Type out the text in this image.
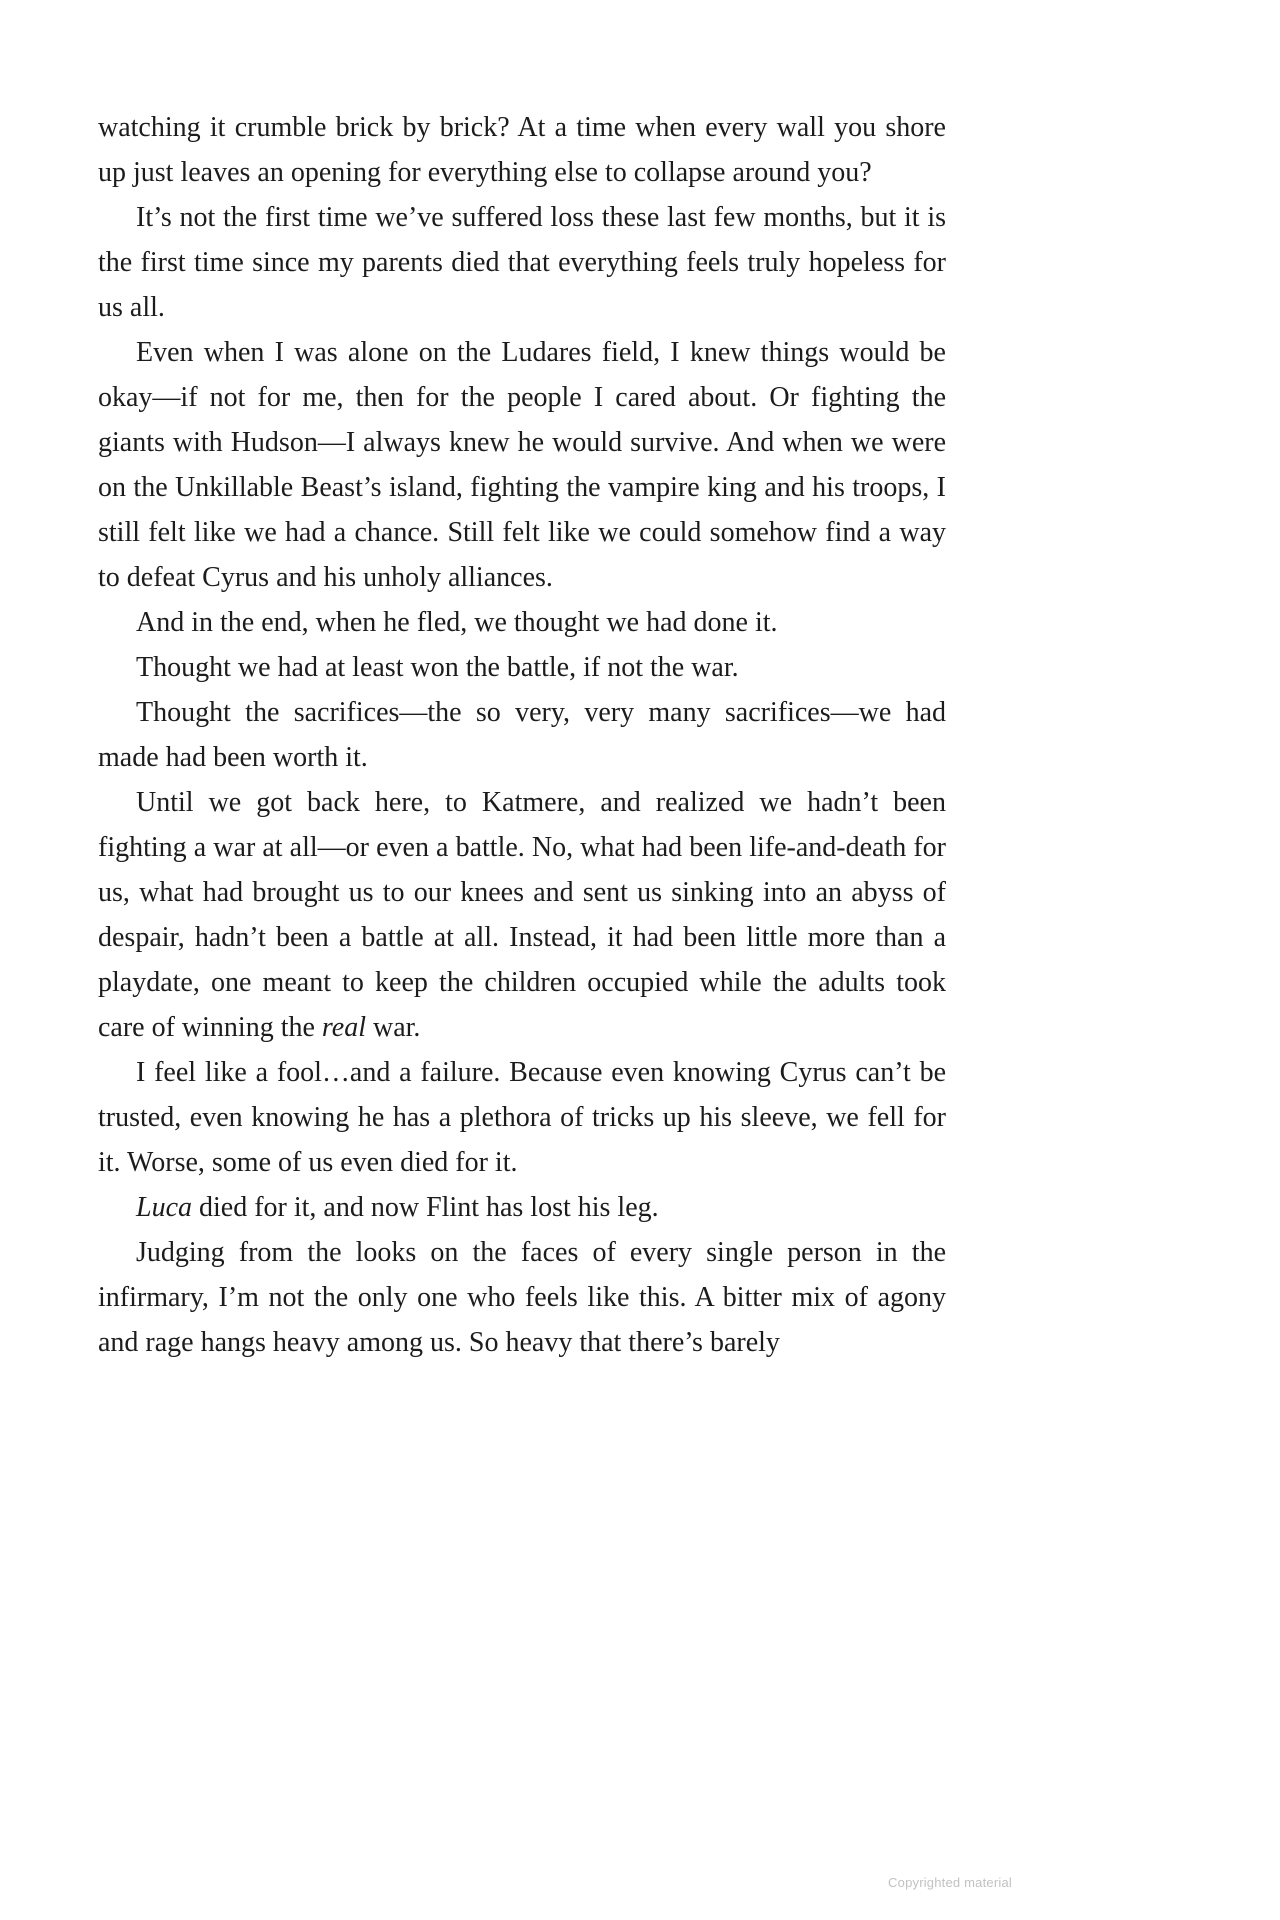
watching it crumble brick by brick? At a time when every wall you shore up just leaves an opening for everything else to collapse around you?

It’s not the first time we’ve suffered loss these last few months, but it is the first time since my parents died that everything feels truly hopeless for us all.

Even when I was alone on the Ludares field, I knew things would be okay—if not for me, then for the people I cared about. Or fighting the giants with Hudson—I always knew he would survive. And when we were on the Unkillable Beast’s island, fighting the vampire king and his troops, I still felt like we had a chance. Still felt like we could somehow find a way to defeat Cyrus and his unholy alliances.

And in the end, when he fled, we thought we had done it.

Thought we had at least won the battle, if not the war.

Thought the sacrifices—the so very, very many sacrifices—we had made had been worth it.

Until we got back here, to Katmere, and realized we hadn’t been fighting a war at all—or even a battle. No, what had been life-and-death for us, what had brought us to our knees and sent us sinking into an abyss of despair, hadn’t been a battle at all. Instead, it had been little more than a playdate, one meant to keep the children occupied while the adults took care of winning the real war.

I feel like a fool…and a failure. Because even knowing Cyrus can’t be trusted, even knowing he has a plethora of tricks up his sleeve, we fell for it. Worse, some of us even died for it.

Luca died for it, and now Flint has lost his leg.

Judging from the looks on the faces of every single person in the infirmary, I’m not the only one who feels like this. A bitter mix of agony and rage hangs heavy among us. So heavy that there’s barely

Copyrighted material
